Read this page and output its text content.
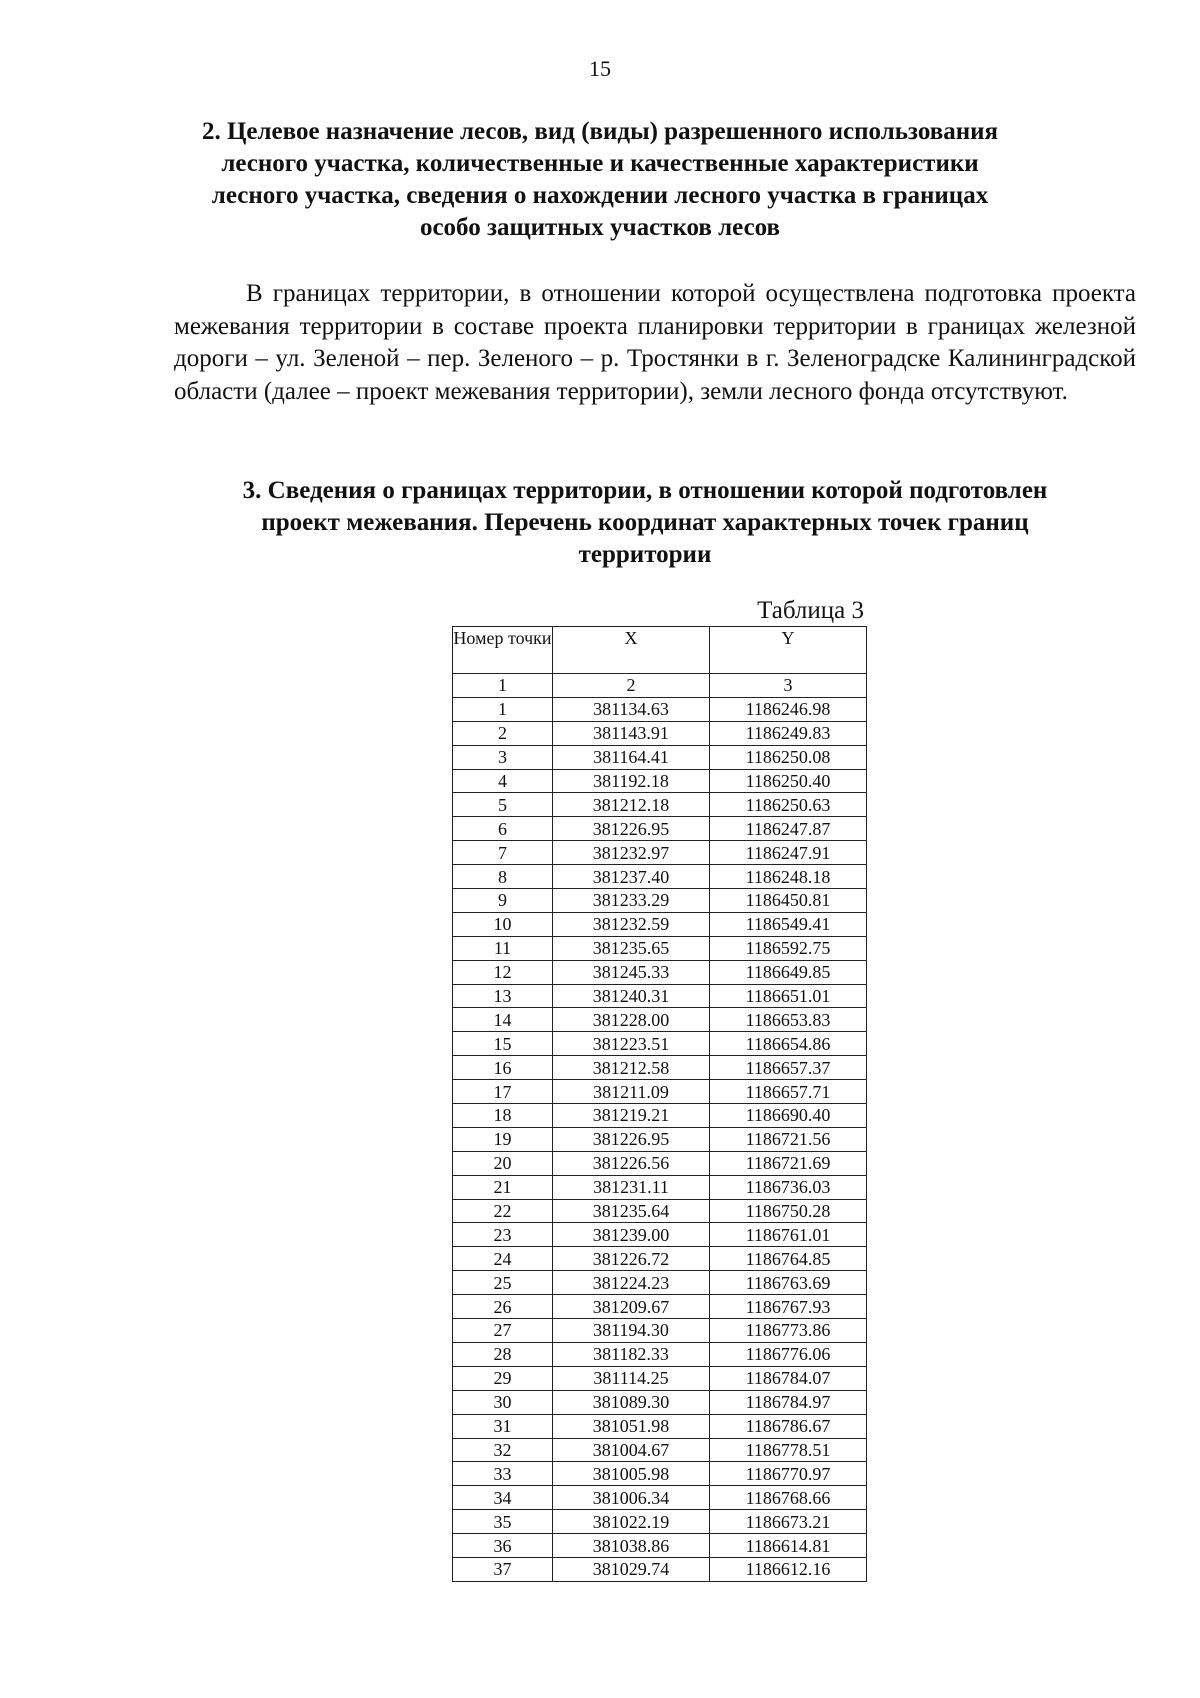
15
2. Целевое назначение лесов, вид (виды) разрешенного использования лесного участка, количественные и качественные характеристики лесного участка, сведения о нахождении лесного участка в границах особо защитных участков лесов
В границах территории, в отношении которой осуществлена подготовка проекта межевания территории в составе проекта планировки территории в границах железной дороги – ул. Зеленой – пер. Зеленого – р. Тростянки в г. Зеленоградске Калининградской области (далее – проект межевания территории), земли лесного фонда отсутствуют.
3. Сведения о границах территории, в отношении которой подготовлен проект межевания. Перечень координат характерных точек границ территории
Таблица 3
Номер точки	X	Y
1	2	3
1	381134.63	1186246.98
2	381143.91	1186249.83
3	381164.41	1186250.08
4	381192.18	1186250.40
5	381212.18	1186250.63
6	381226.95	1186247.87
7	381232.97	1186247.91
8	381237.40	1186248.18
9	381233.29	1186450.81
10	381232.59	1186549.41
11	381235.65	1186592.75
12	381245.33	1186649.85
13	381240.31	1186651.01
14	381228.00	1186653.83
15	381223.51	1186654.86
16	381212.58	1186657.37
17	381211.09	1186657.71
18	381219.21	1186690.40
19	381226.95	1186721.56
20	381226.56	1186721.69
21	381231.11	1186736.03
22	381235.64	1186750.28
23	381239.00	1186761.01
24	381226.72	1186764.85
25	381224.23	1186763.69
26	381209.67	1186767.93
27	381194.30	1186773.86
28	381182.33	1186776.06
29	381114.25	1186784.07
30	381089.30	1186784.97
31	381051.98	1186786.67
32	381004.67	1186778.51
33	381005.98	1186770.97
34	381006.34	1186768.66
35	381022.19	1186673.21
36	381038.86	1186614.81
37	381029.74	1186612.16
